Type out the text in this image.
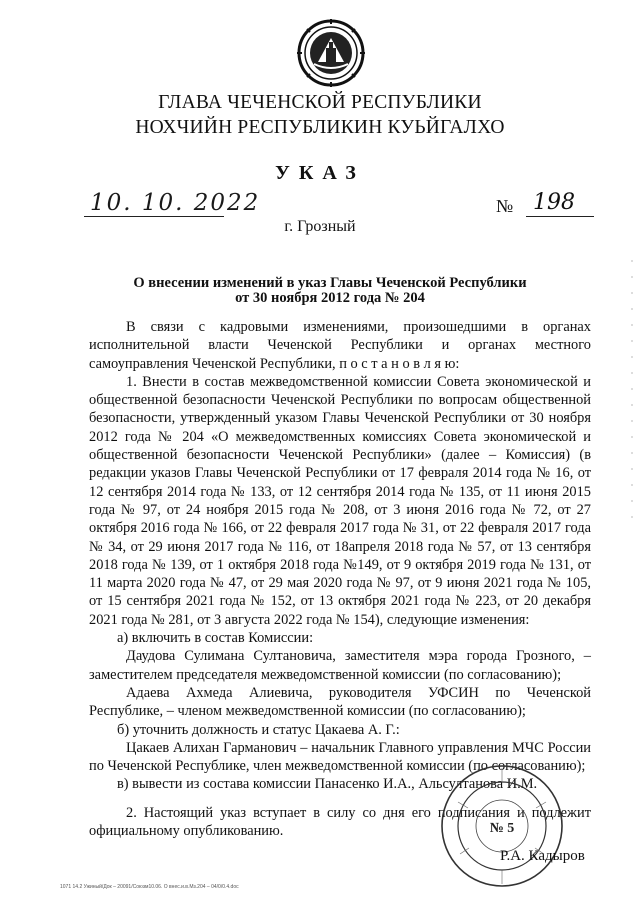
ГЛАВА ЧЕЧЕНСКОЙ РЕСПУБЛИКИ
НОХЧИЙН РЕСПУБЛИКИН КУЬЙГАЛХО
УКАЗ
10. 10. 2022	№ 198
г. Грозный
О внесении изменений в указ Главы Чеченской Республики
от 30 ноября 2012 года № 204

В связи с кадровыми изменениями, произошедшими в органах исполнительной власти Чеченской Республики и органах местного самоуправления Чеченской Республики, п о с т а н о в л я ю:

1. Внести в состав межведомственной комиссии Совета экономической и общественной безопасности Чеченской Республики по вопросам общественной безопасности, утвержденный указом Главы Чеченской Республики от 30 ноября 2012 года № 204 «О межведомственных комиссиях Совета экономической и общественной безопасности Чеченской Республики» (далее – Комиссия) (в редакции указов Главы Чеченской Республики от 17 февраля 2014 года № 16, от 12 сентября 2014 года № 133, от 12 сентября 2014 года № 135, от 11 июня 2015 года № 97, от 24 ноября 2015 года № 208, от 3 июня 2016 года № 72, от 27 октября 2016 года № 166, от 22 февраля 2017 года № 31, от 22 февраля 2017 года № 34, от 29 июня 2017 года № 116, от 18апреля 2018 года № 57, от 13 сентября 2018 года № 139, от 1 октября 2018 года №149, от 9 октября 2019 года № 131, от 11 марта 2020 года № 47, от 29 мая 2020 года № 97, от 9 июня 2021 года № 105, от 15 сентября 2021 года № 152, от 13 октября 2021 года № 223, от 20 декабря 2021 года № 281, от 3 августа 2022 года № 154), следующие изменения:

а) включить в состав Комиссии:

Даудова Сулимана Султановича, заместителя мэра города Грозного, – заместителем председателя межведомственной комиссии (по согласованию);

Адаева Ахмеда Алиевича, руководителя УФСИН по Чеченской Республике, – членом межведомственной комиссии (по согласованию);

б) уточнить должность и статус Цакаева А. Г.:

Цакаев Алихан Гарманович – начальник Главного управления МЧС России по Чеченской Республике, член межведомственной комиссии (по согласованию);

в) вывести из состава комиссии Панасенко И.А., Альсултанова И.М.

2. Настоящий указ вступает в силу со дня его подписания и подлежит официальному опубликованию.	№ 5
Р.А. Кадыров
1071 14.2 Ужиный/Док – 20091/Союзм10.06. О внес.и.в.Мз.204 – 04/0/0.4.doc
